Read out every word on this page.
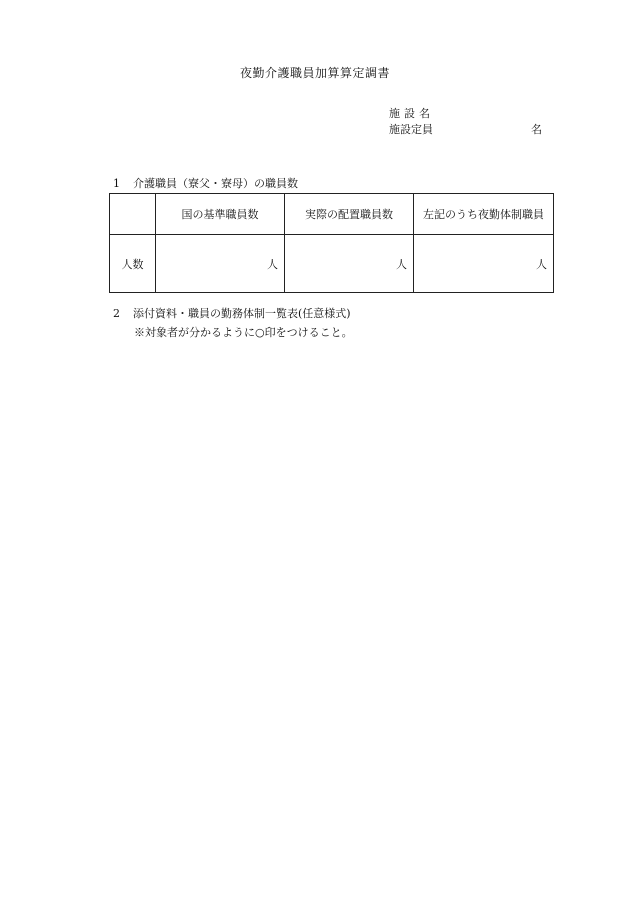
夜勤介護職員加算算定調書
施設名
施設定員	名
1 介護職員（寮父・寮母）の職員数
	国の基準職員数	実際の配置職員数	左記のうち夜勤体制職員
人数	人	人	人
2 添付資料・職員の勤務体制一覧表(任意様式)
※対象者が分かるように○印をつけること。
